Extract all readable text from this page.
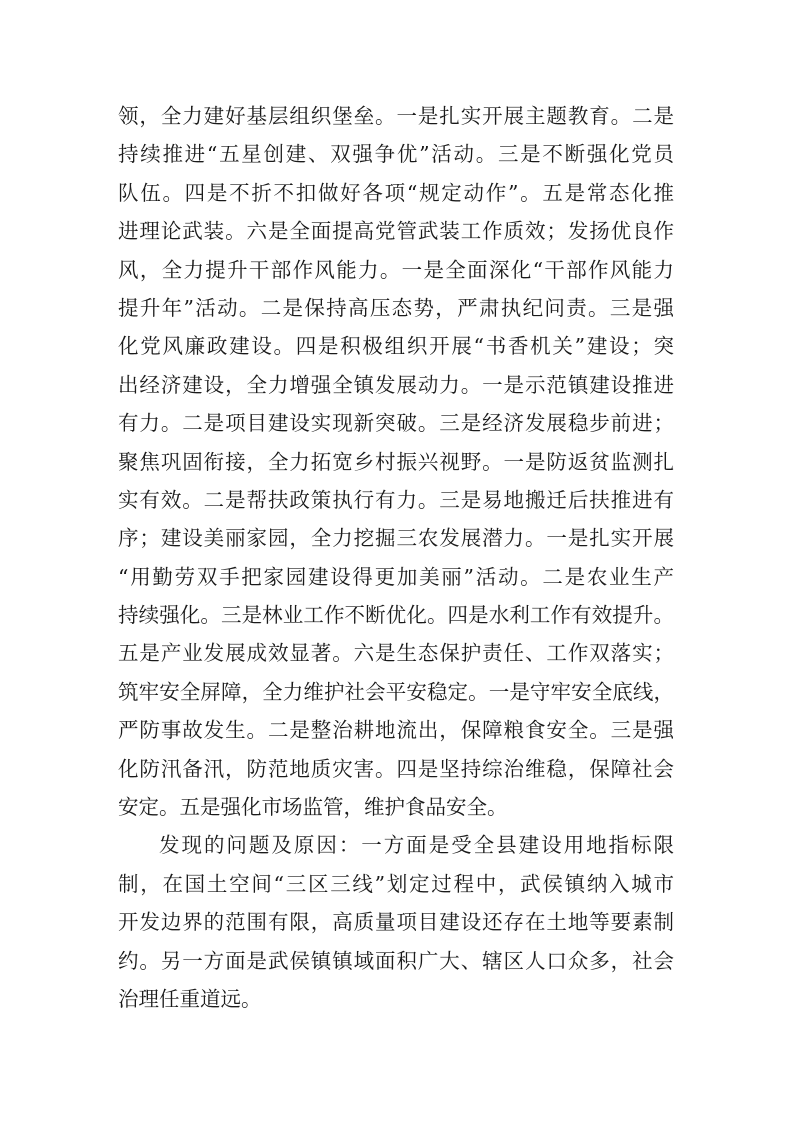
领，全力建好基层组织堡垒。一是扎实开展主题教育。二是
持续推进“五星创建、双强争优”活动。三是不断强化党员
队伍。四是不折不扣做好各项“规定动作”。五是常态化推
进理论武装。六是全面提高党管武装工作质效；发扬优良作
风，全力提升干部作风能力。一是全面深化“干部作风能力
提升年”活动。二是保持高压态势，严肃执纪问责。三是强
化党风廉政建设。四是积极组织开展“书香机关”建设；突
出经济建设，全力增强全镇发展动力。一是示范镇建设推进
有力。二是项目建设实现新突破。三是经济发展稳步前进；
聚焦巩固衔接，全力拓宽乡村振兴视野。一是防返贫监测扎
实有效。二是帮扶政策执行有力。三是易地搬迁后扶推进有
序；建设美丽家园，全力挖掘三农发展潜力。一是扎实开展
“用勤劳双手把家园建设得更加美丽”活动。二是农业生产
持续强化。三是林业工作不断优化。四是水利工作有效提升。
五是产业发展成效显著。六是生态保护责任、工作双落实；
筑牢安全屏障，全力维护社会平安稳定。一是守牢安全底线，
严防事故发生。二是整治耕地流出，保障粮食安全。三是强
化防汛备汛，防范地质灾害。四是坚持综治维稳，保障社会
安定。五是强化市场监管，维护食品安全。
发现的问题及原因：一方面是受全县建设用地指标限
制，在国土空间“三区三线”划定过程中，武侯镇纳入城市
开发边界的范围有限，高质量项目建设还存在土地等要素制
约。另一方面是武侯镇镇域面积广大、辖区人口众多，社会
治理任重道远。
